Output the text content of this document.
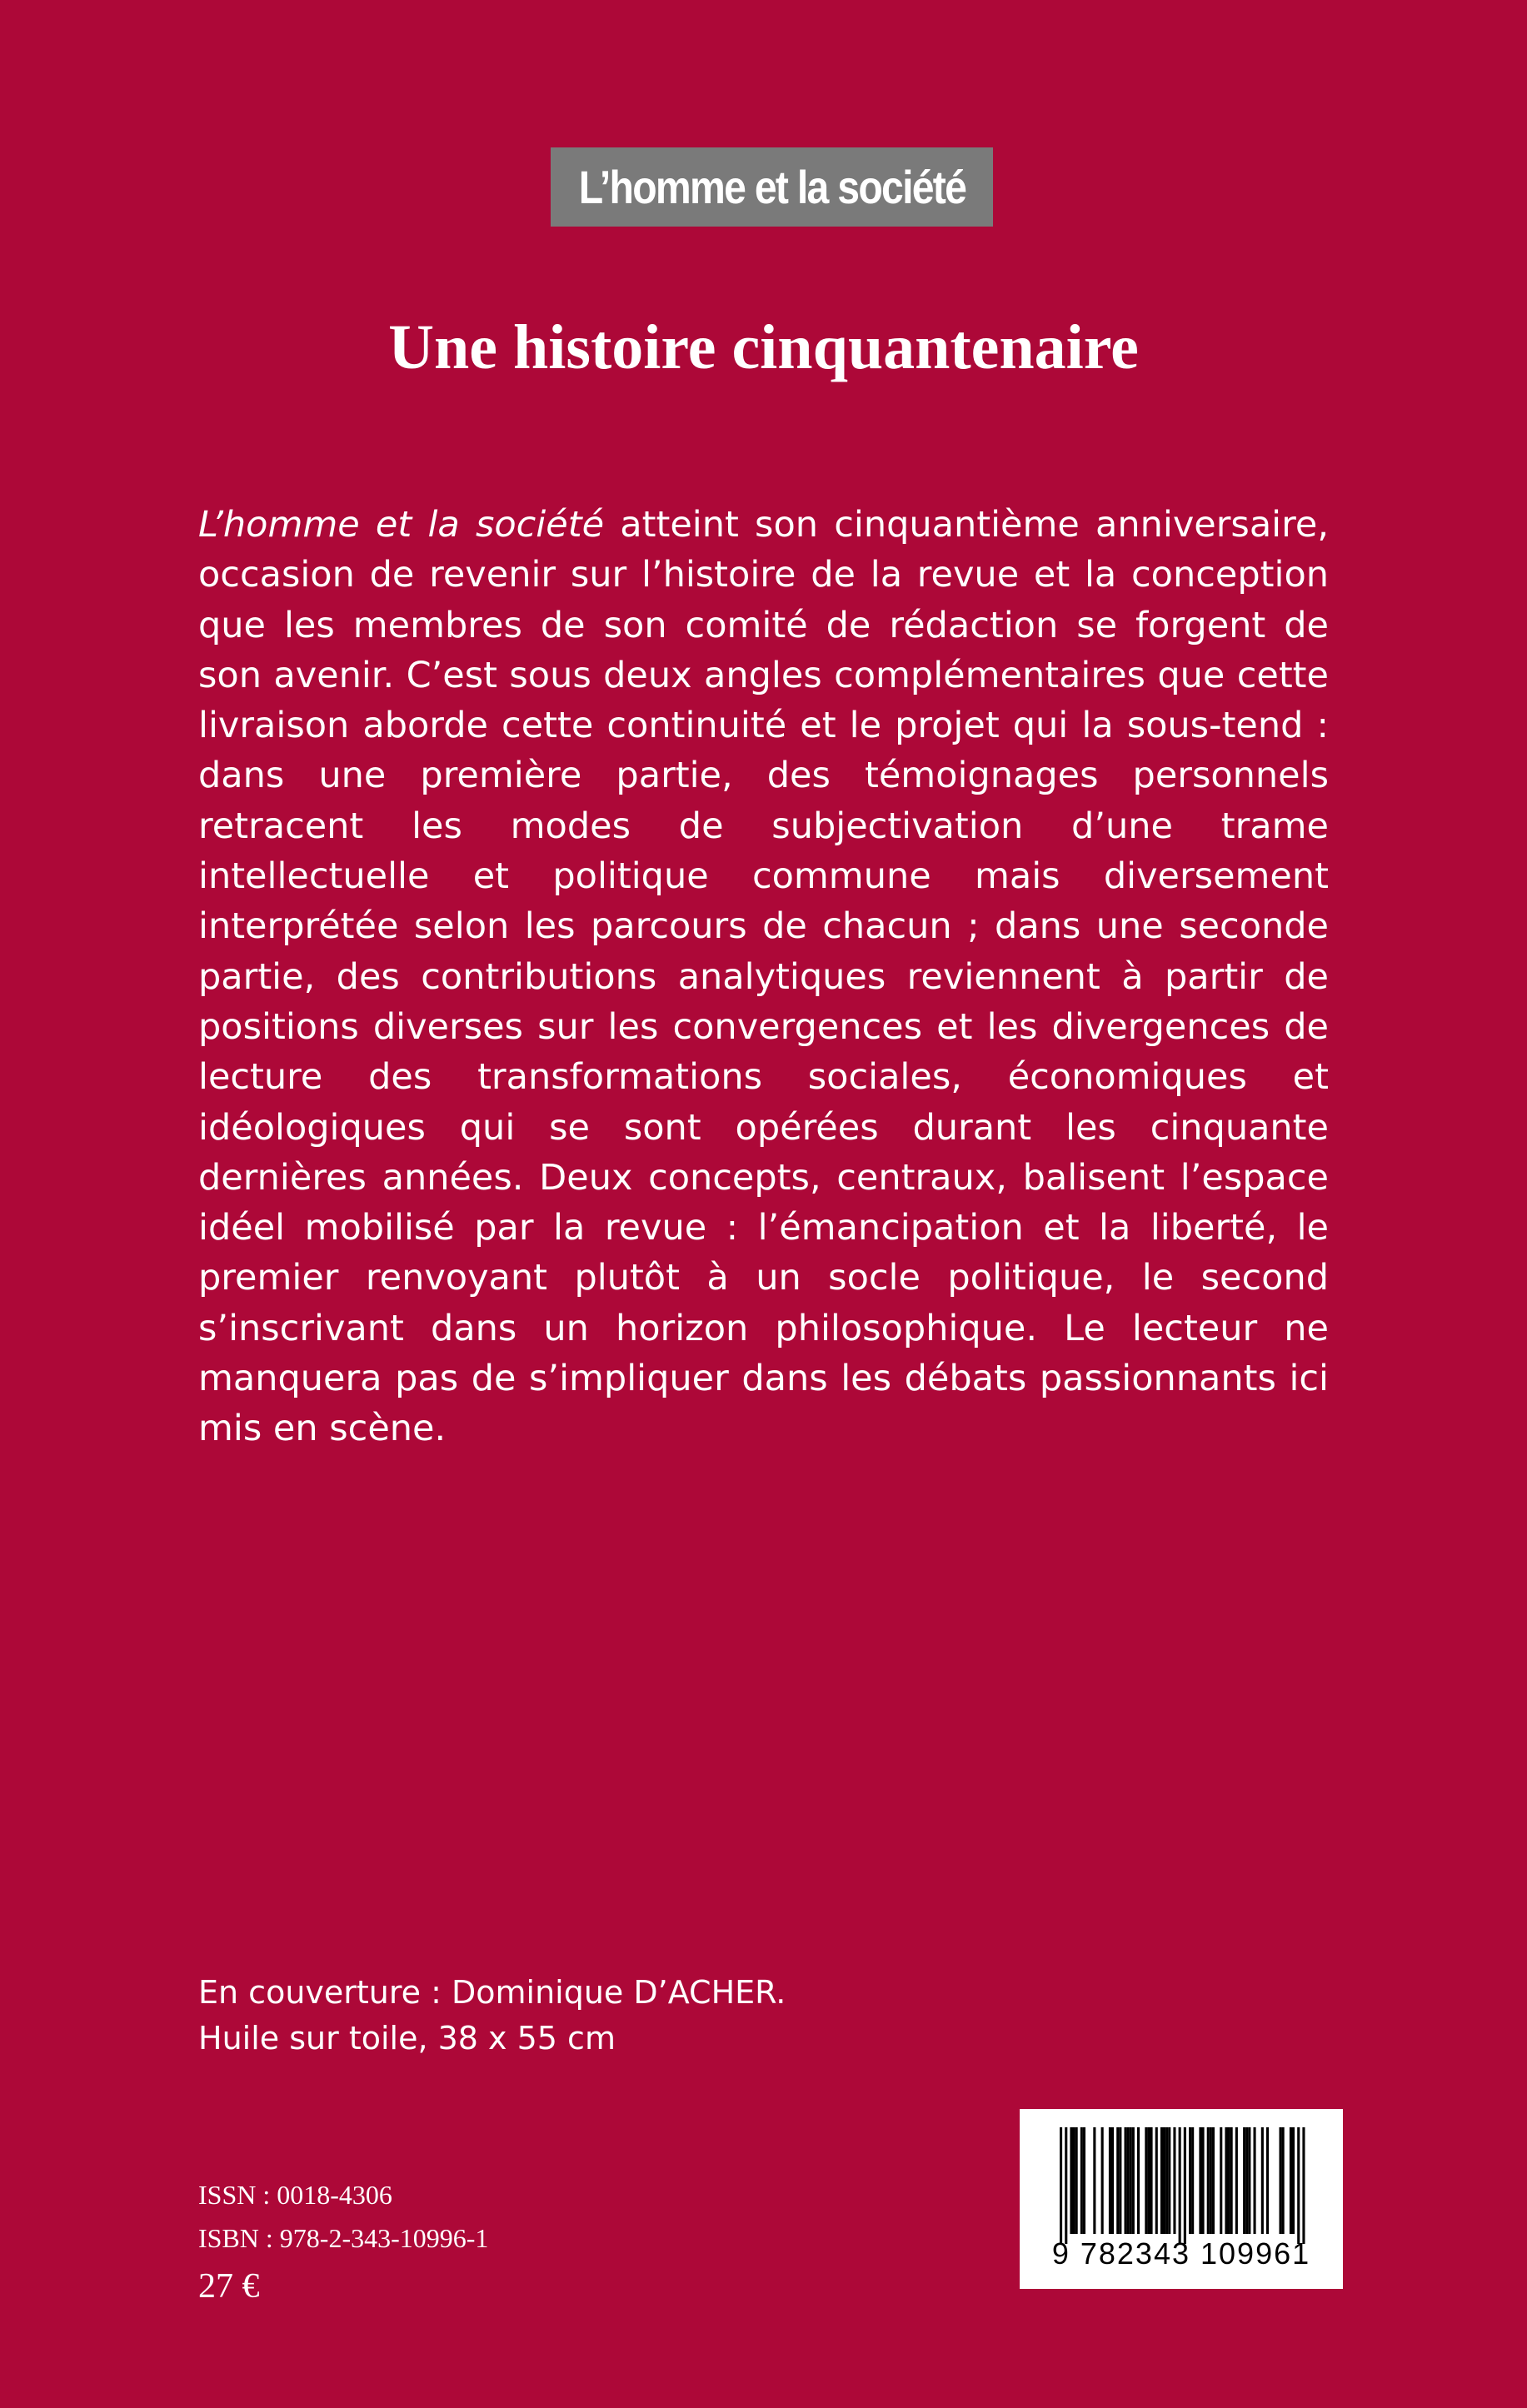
L’homme et la société
Une histoire cinquantenaire

L’homme et la société atteint son cinquantième anniversaire, occasion de revenir sur l’histoire de la revue et la conception que les membres de son comité de rédaction se forgent de son avenir. C’est sous deux angles complémentaires que cette livraison aborde cette continuité et le projet qui la sous-tend : dans une première partie, des témoignages personnels retracent les modes de subjectivation d’une trame intellectuelle et politique commune mais diversement interprétée selon les parcours de chacun ; dans une seconde partie, des contributions analytiques reviennent à partir de positions diverses sur les convergences et les divergences de lecture des transformations sociales, économiques et idéologiques qui se sont opérées durant les cinquante dernières années. Deux concepts, centraux, balisent l’espace idéel mobilisé par la revue : l’émancipation et la liberté, le premier renvoyant plutôt à un socle politique, le second s’inscrivant dans un horizon philosophique. Le lecteur ne manquera pas de s’impliquer dans les débats passionnants ici mis en scène.

En couverture : Dominique D’ACHER.
Huile sur toile, 38 x 55 cm
ISSN : 0018-4306
ISBN : 978-2-343-10996-1
27 €
9 782343 109961
